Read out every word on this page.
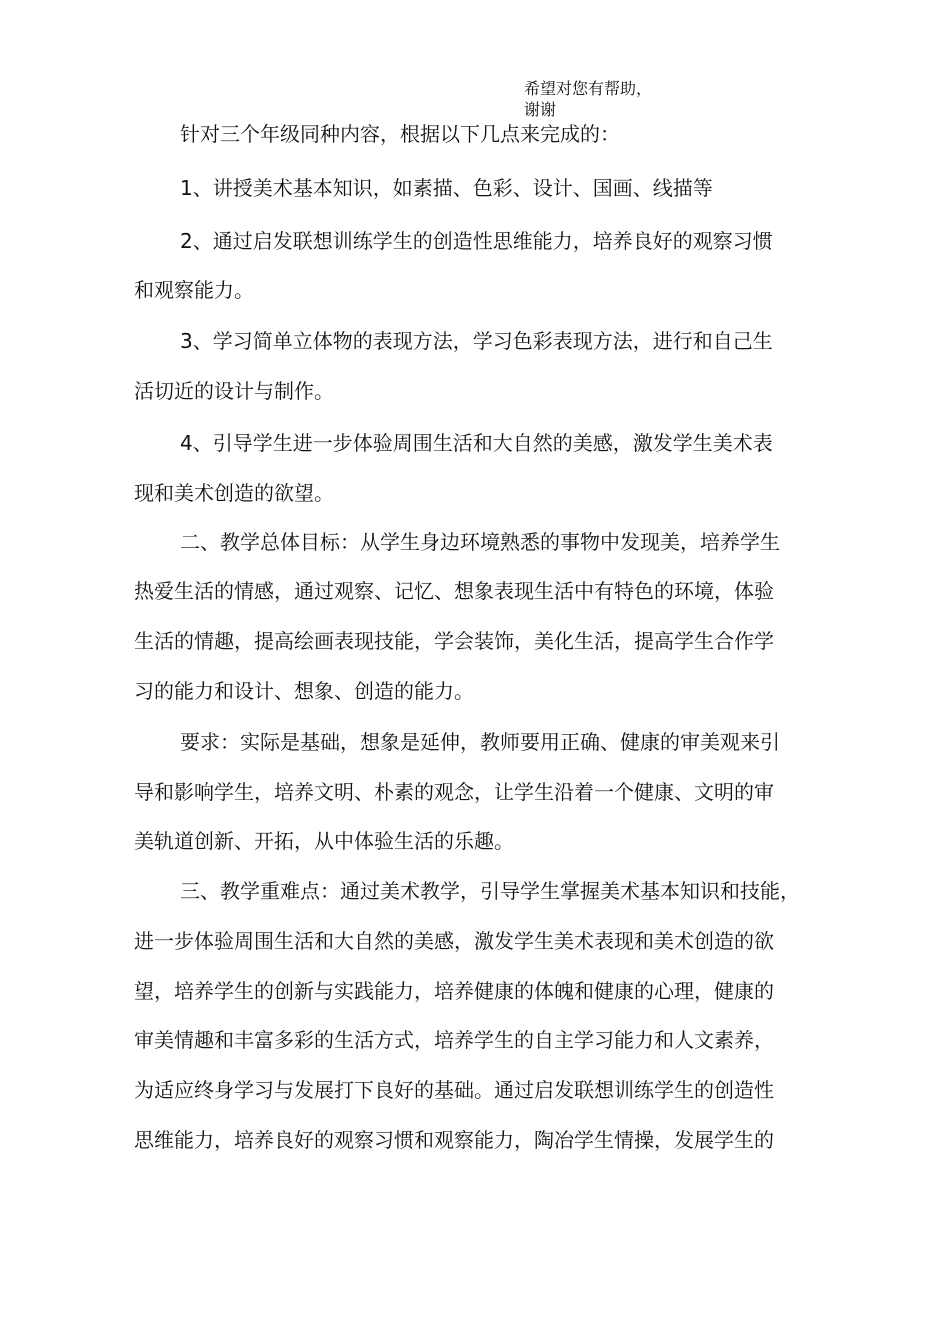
希望对您有帮助，
谢谢
针对三个年级同种内容，根据以下几点来完成的：
1、讲授美术基本知识，如素描、色彩、设计、国画、线描等
2、通过启发联想训练学生的创造性思维能力，培养良好的观察习惯
和观察能力。
3、学习简单立体物的表现方法，学习色彩表现方法，进行和自己生
活切近的设计与制作。
4、引导学生进一步体验周围生活和大自然的美感，激发学生美术表
现和美术创造的欲望。
二、教学总体目标：从学生身边环境熟悉的事物中发现美，培养学生
热爱生活的情感，通过观察、记忆、想象表现生活中有特色的环境，体验
生活的情趣，提高绘画表现技能，学会装饰，美化生活，提高学生合作学
习的能力和设计、想象、创造的能力。
要求：实际是基础，想象是延伸，教师要用正确、健康的审美观来引
导和影响学生，培养文明、朴素的观念，让学生沿着一个健康、文明的审
美轨道创新、开拓，从中体验生活的乐趣。
三、教学重难点：通过美术教学，引导学生掌握美术基本知识和技能，
进一步体验周围生活和大自然的美感，激发学生美术表现和美术创造的欲
望，培养学生的创新与实践能力，培养健康的体魄和健康的心理，健康的
审美情趣和丰富多彩的生活方式，培养学生的自主学习能力和人文素养，
为适应终身学习与发展打下良好的基础。通过启发联想训练学生的创造性
思维能力，培养良好的观察习惯和观察能力，陶冶学生情操，发展学生的
